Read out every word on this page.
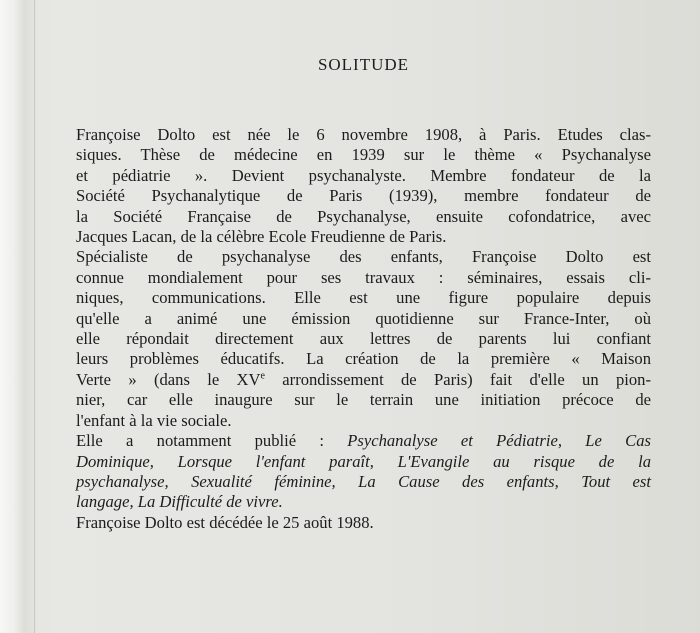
SOLITUDE
Françoise Dolto est née le 6 novembre 1908, à Paris. Etudes clas-
siques. Thèse de médecine en 1939 sur le thème « Psychanalyse
et pédiatrie ». Devient psychanalyste. Membre fondateur de la
Société Psychanalytique de Paris (1939), membre fondateur de
la Société Française de Psychanalyse, ensuite cofondatrice, avec
Jacques Lacan, de la célèbre Ecole Freudienne de Paris.
Spécialiste de psychanalyse des enfants, Françoise Dolto est
connue mondialement pour ses travaux : séminaires, essais cli-
niques, communications. Elle est une figure populaire depuis
qu'elle a animé une émission quotidienne sur France-Inter, où
elle répondait directement aux lettres de parents lui confiant
leurs problèmes éducatifs. La création de la première « Maison
Verte » (dans le XVe arrondissement de Paris) fait d'elle un pion-
nier, car elle inaugure sur le terrain une initiation précoce de
l'enfant à la vie sociale.
Elle a notamment publié : Psychanalyse et Pédiatrie, Le Cas
Dominique, Lorsque l'enfant paraît, L'Evangile au risque de la
psychanalyse, Sexualité féminine, La Cause des enfants, Tout est
langage, La Difficulté de vivre.
Françoise Dolto est décédée le 25 août 1988.
